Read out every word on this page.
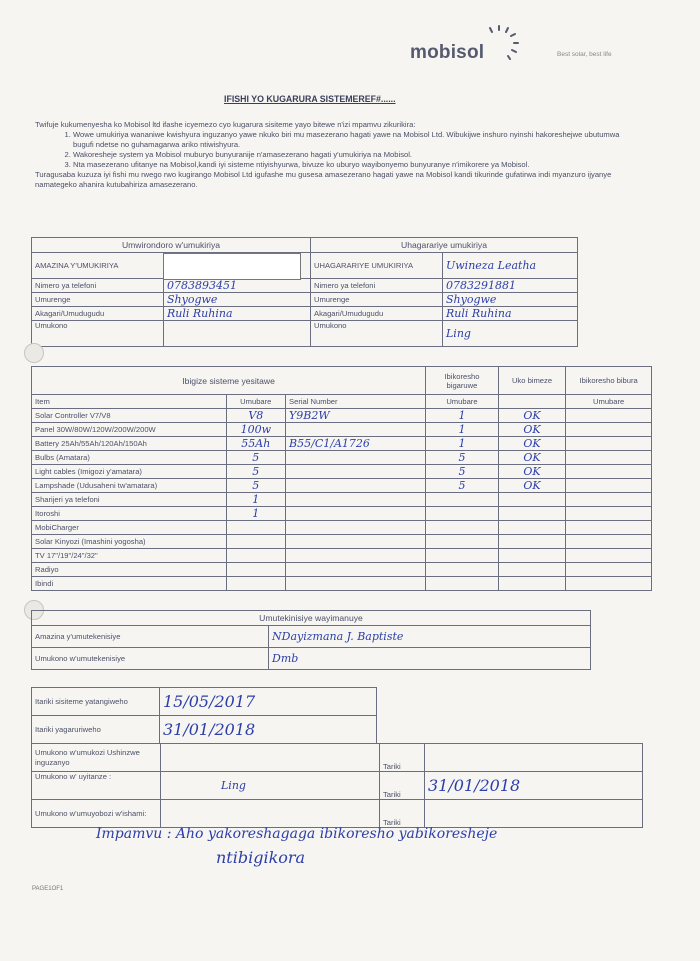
mobisol	Best solar, best life
IFISHI YO KUGARURA SISTEMEREF#......

Twifuje kukumenyesha ko Mobisol ltd ifashe icyemezo cyo kugarura sisiteme yayo bitewe n'izi mpamvu zikurikira:

1. Wowe umukiriya wananiwe kwishyura inguzanyo yawe nkuko biri mu masezerano hagati yawe na Mobisol Ltd. Wibukijwe inshuro nyinshi hakoreshejwe ubutumwa bugufi ndetse no guhamagarwa ariko ntiwishyura.
2. Wakoresheje system ya Mobisol muburyo bunyuranije n'amasezerano hagati y'umukiriya na Mobisol.
3. Nta masezerano ufitanye na Mobisol,kandi iyi sisteme ntiyishyurwa, bivuze ko uburyo wayibonyemo bunyuranye n'imikorere ya Mobisol.

Turagusaba kuzuza iyi fishi mu rwego rwo kugirango Mobisol Ltd igufashe mu gusesa amasezerano hagati yawe na Mobisol kandi tikurinde gufatirwa indi myanzuro ijyanye namategeko ahanira kutubahiriza amasezerano.

Umwirondoro w'umukiriya		Uhagarariye umukiriya	
AMAZINA Y'UMUKIRIYA		UHAGARARIYE UMUKIRIYA	Uwineza Leatha
Nimero ya telefoni	0783893451	Nimero ya telefoni	0783291881
Umurenge	Shyogwe	Umurenge	Shyogwe
Akagari/Umudugudu	Ruli Ruhina	Akagari/Umudugudu	Ruli Ruhina
Umukono		Umukono	Ling
Ibigize sisteme yesitawe			Ibikoresho bigaruwe	Uko bimeze	Ibikoresho bibura
Item	Umubare	Serial Number	Umubare		Umubare
Solar Controller V7/V8	V8	Y9B2W	1	OK	
Panel 30W/80W/120W/200W/200W	100w		1	OK	
Battery 25Ah/55Ah/120Ah/150Ah	55Ah	B55/C1/A1726	1	OK	
Bulbs (Amatara)	5		5	OK	
Light cables (Imigozi y'amatara)	5		5	OK	
Lampshade (Udusaheni tw'amatara)	5		5	OK	
Sharijeri ya telefoni	1				
Itoroshi	1				
MobiCharger					
Solar Kinyozi (Imashini yogosha)					
TV 17"/19"/24"/32"					
Radiyo					
Ibindi					
Umutekinisiye wayimanuye	
Amazina y'umutekenisiye	NDayizmana J. Baptiste
Umukono w'umutekenisiye	Dmb
Itariki sisiteme yatangiweho	15/05/2017
Itariki yagaruriweho	31/01/2018
Umukono w'umukozi Ushinzwe inguzanyo		Tariki	
Umukono w' uyitanze :	Ling	Tariki	31/01/2018
Umukono w'umuyobozi w'ishami:		Tariki	
Impamvu : Aho yakoreshagaga ibikoresho yabikoresheje
ntibigikora
PAGE1OF1
